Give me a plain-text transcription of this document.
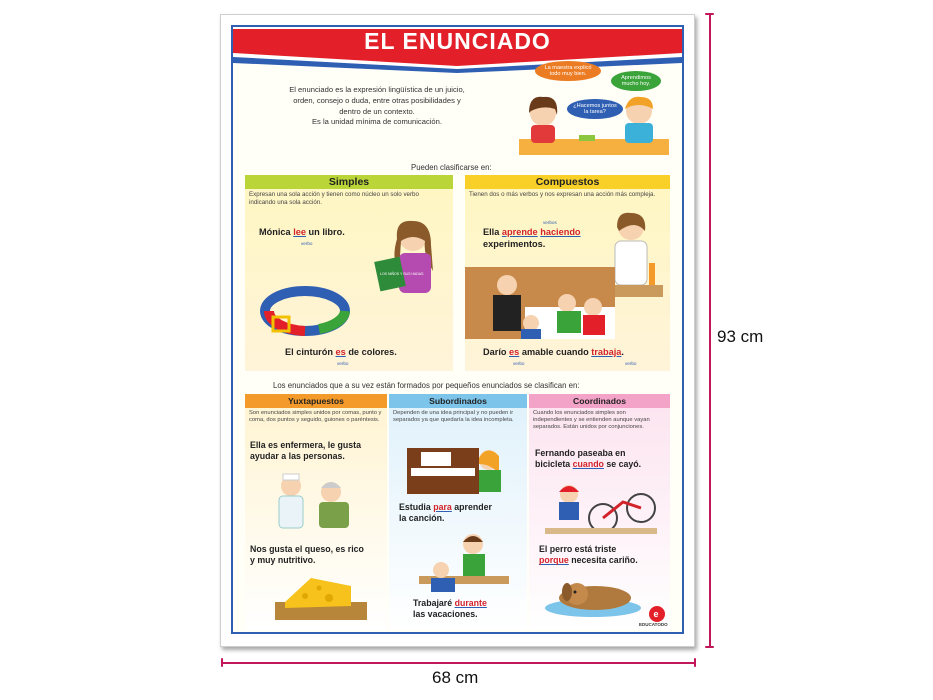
93 cm
68 cm
EL ENUNCIADO
El enunciado es la expresión lingüística de un juicio,
orden, consejo o duda, entre otras posibilidades y
dentro de un contexto.
Es la unidad mínima de comunicación.
La maestra explicó todo muy bien.
Aprendimos mucho hoy.
¿Hacemos juntos la tarea?
Pueden clasificarse en:
Simples
Expresan una sola acción y tienen como núcleo un solo verbo indicando una sola acción.
Mónica lee un libro.
verbo
LOS NIÑOS Y SUS HADAS
El cinturón es de colores.
verbo
Compuestos
Tienen dos o más verbos y nos expresan una acción más compleja.
Ella aprende haciendo
experimentos.
verbos
Darío es amable cuando trabaja.
verbo	verbo
Los enunciados que a su vez están formados por pequeños enunciados se clasifican en:
Yuxtapuestos
Son enunciados simples unidos por comas, punto y coma, dos puntos y seguido, guiones o paréntesis.
Ella es enfermera, le gusta
ayudar a las personas.
Nos gusta el queso, es rico
y muy nutritivo.
Subordinados
Dependen de una idea principal y no pueden ir separados ya que quedaría la idea incompleta.
Estudia para aprender
la canción.
Trabajaré durante
las vacaciones.
Coordinados
Cuando los enunciados simples son independientes y se entienden aunque vayan separados. Están unidos por conjunciones.
Fernando paseaba en
bicicleta cuando se cayó.
El perro está triste
porque necesita cariño.
e
EDUCATODO
